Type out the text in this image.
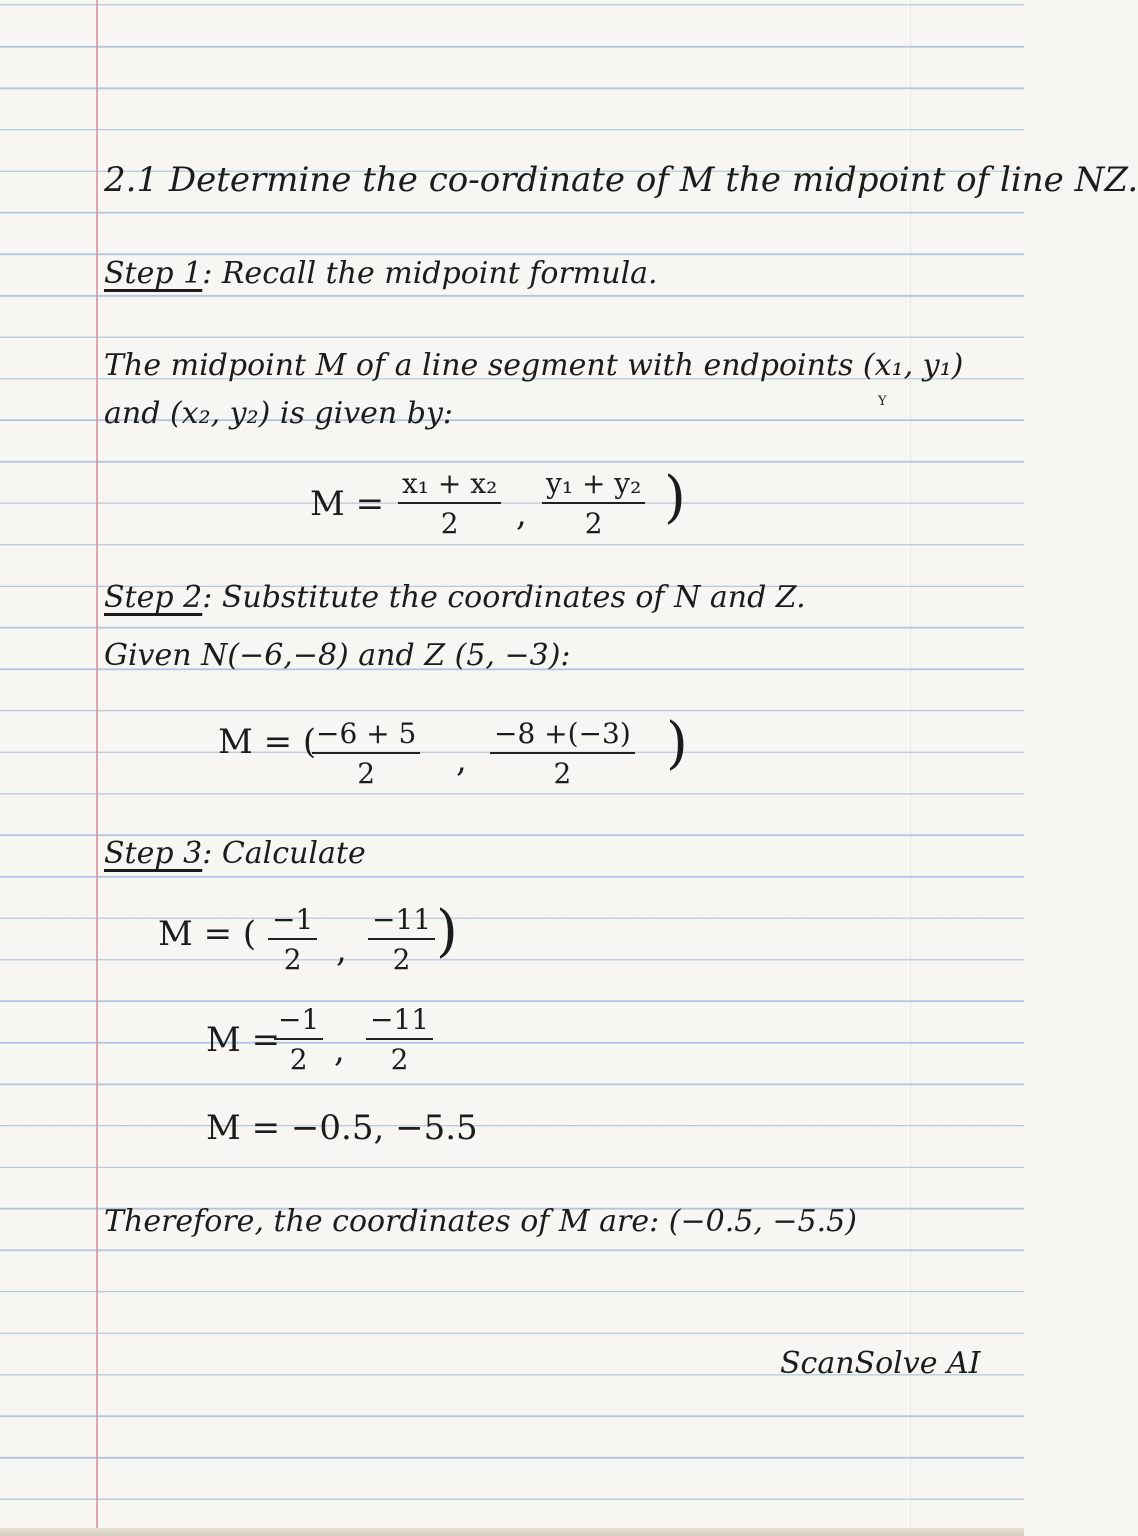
2.1 Determine the co-ordinate of M the midpoint of line NZ.
Step 1: Recall the midpoint formula.
The midpoint M of a line segment with endpoints (x₁, y₁)
and (x₂, y₂) is given by:	Y
$M = \frac{\text{x₁ + x₂}}{2}$ , $\frac{\text{y₁ + y₂}}{2}$ )
Step 2: Substitute the coordinates of N and Z.
Given N(−6,−8) and Z (5, −3):
M = (
$\frac{-6 + 5}{2}$ , $\frac{-8 +(-3)}{2}$ )
Step 3: Calculate
M = ( $\frac{-1}{2}$ , $\frac{-11}{2}$ )
M =
$\frac{-1}{2}$ , $\frac{-11}{2}$
M = −0.5, −5.5
Therefore, the coordinates of M are: (−0.5, −5.5)
ScanSolve AI
